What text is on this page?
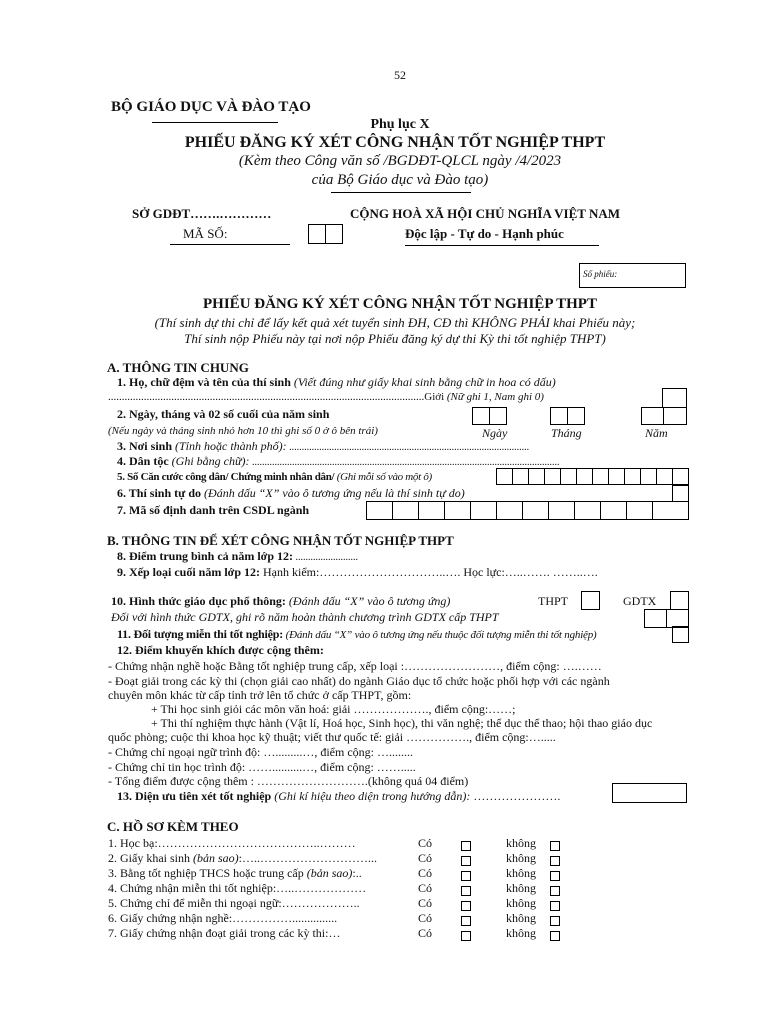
52
BỘ GIÁO DỤC VÀ ĐÀO TẠO
Phụ lục X
PHIẾU ĐĂNG KÝ XÉT CÔNG NHẬN TỐT NGHIỆP THPT
(Kèm theo Công văn số /BGDĐT-QLCL ngày /4/2023
của Bộ Giáo dục và Đào tạo)
SỞ GDĐT…….…………
MÃ SỐ:
CỘNG HOÀ XÃ HỘI CHỦ NGHĨA VIỆT NAM
Độc lập - Tự do - Hạnh phúc
Số phiếu:
PHIẾU ĐĂNG KÝ XÉT CÔNG NHẬN TỐT NGHIỆP THPT
(Thí sinh dự thi chỉ để lấy kết quả xét tuyển sinh ĐH, CĐ thì KHÔNG PHẢI khai Phiếu này;
Thí sinh nộp Phiếu này tại nơi nộp Phiếu đăng ký dự thi Kỳ thi tốt nghiệp THPT)
A. THÔNG TIN CHUNG
1. Họ, chữ đệm và tên của thí sinh (Viết đúng như giấy khai sinh bằng chữ in hoa có dấu)
...................................................................................................................Giới (Nữ ghi 1, Nam ghi 0)
2. Ngày, tháng và 02 số cuối của năm sinh
(Nếu ngày và tháng sinh nhỏ hơn 10 thì ghi số 0 ở ô bên trái)	Ngày	Tháng	Năm
3. Nơi sinh (Tỉnh hoặc thành phố): ................................................................................................
4. Dân tộc (Ghi bằng chữ): ...........................................................................................................................
5. Số Căn cước công dân/ Chứng minh nhân dân/ (Ghi mỗi số vào một ô)
6. Thí sinh tự do (Đánh dấu “X” vào ô tương ứng nếu là thí sinh tự do)
7. Mã số định danh trên CSDL ngành
B. THÔNG TIN ĐỂ XÉT CÔNG NHẬN TỐT NGHIỆP THPT
8. Điểm trung bình cả năm lớp 12: .........................
9. Xếp loại cuối năm lớp 12: Hạnh kiểm:…………………………..…. Học lực:…..……. ……..….
10. Hình thức giáo dục phổ thông: (Đánh dấu “X” vào ô tương ứng)	THPT	GDTX
Đối với hình thức GDTX, ghi rõ năm hoàn thành chương trình GDTX cấp THPT
11. Đối tượng miễn thi tốt nghiệp: (Đánh dấu “X” vào ô tương ứng nếu thuộc đối tượng miễn thi tốt nghiệp)
12. Điểm khuyến khích được cộng thêm:
- Chứng nhận nghề hoặc Bằng tốt nghiệp trung cấp, xếp loại :……………………, điểm cộng: ….……
- Đoạt giải trong các kỳ thi (chọn giải cao nhất) do ngành Giáo dục tổ chức hoặc phối hợp với các ngành
chuyên môn khác từ cấp tỉnh trở lên tổ chức ở cấp THPT, gồm:
+ Thi học sinh giỏi các môn văn hoá: giải ………………., điểm cộng:……;
+ Thi thí nghiệm thực hành (Vật lí, Hoá học, Sinh học), thi văn nghệ; thể dục thể thao; hội thao giáo dục
quốc phòng; cuộc thi khoa học kỹ thuật; viết thư quốc tế: giải ……………., điểm cộng:….....
- Chứng chỉ ngoại ngữ trình độ: ….........…, điểm cộng: …........
- Chứng chỉ tin học trình độ: ……..........…, điểm cộng: …….....
- Tổng điểm được cộng thêm : ……………………….(không quá 04 điểm)
13. Diện ưu tiên xét tốt nghiệp (Ghi kí hiệu theo diện trong hướng dẫn): ………………….
C. HỒ SƠ KÈM THEO
1. Học bạ:…………………………………..………	Có	không
2. Giấy khai sinh (bản sao):…..………………………...	Có	không
3. Bằng tốt nghiệp THCS hoặc trung cấp (bản sao):..	Có	không
4. Chứng nhận miễn thi tốt nghiệp:…..………………	Có	không
5. Chứng chỉ để miễn thi ngoại ngữ:………………..	Có	không
6. Giấy chứng nhận nghề:……………...............	Có	không
7. Giấy chứng nhận đoạt giải trong các kỳ thi:…	Có	không
